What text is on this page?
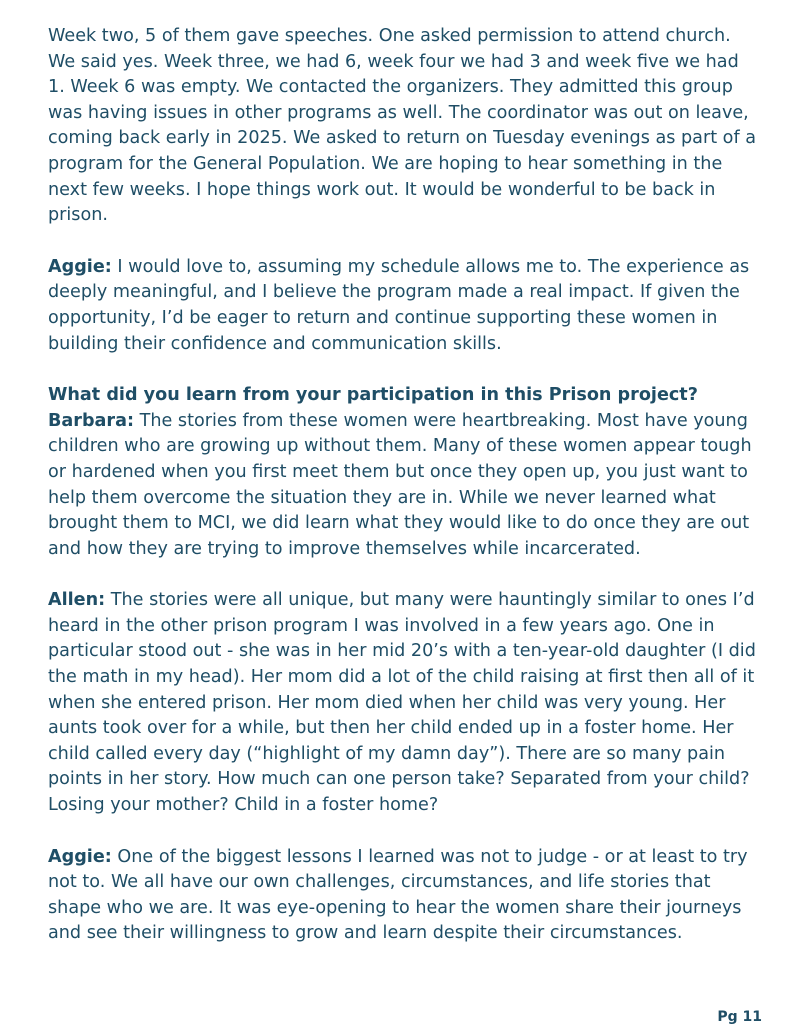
Week two, 5 of them gave speeches. One asked permission to attend church. We said yes. Week three, we had 6, week four we had 3 and week five we had 1. Week 6 was empty. We contacted the organizers. They admitted this group was having issues in other programs as well. The coordinator was out on leave, coming back early in 2025. We asked to return on Tuesday evenings as part of a program for the General Population. We are hoping to hear something in the next few weeks. I hope things work out. It would be wonderful to be back in prison.

Aggie: I would love to, assuming my schedule allows me to. The experience as deeply meaningful, and I believe the program made a real impact. If given the opportunity, I’d be eager to return and continue supporting these women in building their confidence and communication skills.

What did you learn from your participation in this Prison project?

Barbara: The stories from these women were heartbreaking. Most have young children who are growing up without them. Many of these women appear tough or hardened when you first meet them but once they open up, you just want to help them overcome the situation they are in. While we never learned what brought them to MCI, we did learn what they would like to do once they are out and how they are trying to improve themselves while incarcerated.

Allen: The stories were all unique, but many were hauntingly similar to ones I’d heard in the other prison program I was involved in a few years ago. One in particular stood out - she was in her mid 20’s with a ten-year-old daughter (I did the math in my head). Her mom did a lot of the child raising at first then all of it when she entered prison. Her mom died when her child was very young. Her aunts took over for a while, but then her child ended up in a foster home. Her child called every day (“highlight of my damn day”). There are so many pain points in her story. How much can one person take? Separated from your child? Losing your mother? Child in a foster home?

Aggie: One of the biggest lessons I learned was not to judge - or at least to try not to. We all have our own challenges, circumstances, and life stories that shape who we are. It was eye-opening to hear the women share their journeys and see their willingness to grow and learn despite their circumstances.

Pg 11
